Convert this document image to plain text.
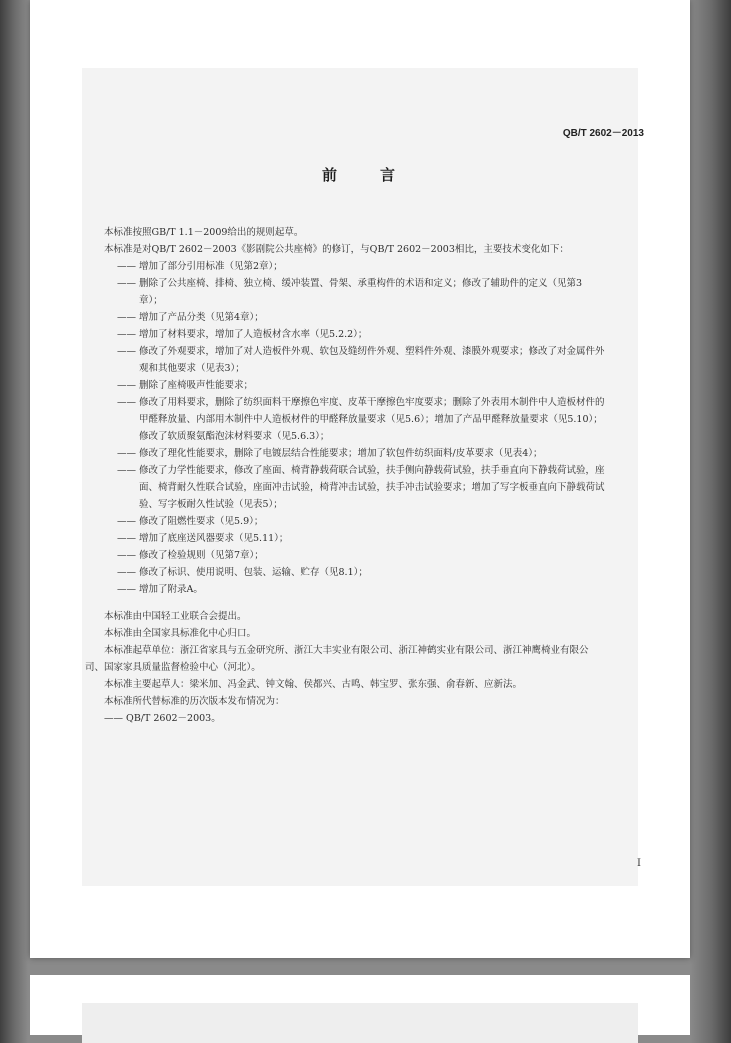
QB/T 2602－2013
前　言

本标准按照GB/T 1.1－2009给出的规则起草。

本标准是对QB/T 2602－2003《影剧院公共座椅》的修订，与QB/T 2602－2003相比，主要技术变化如下：

—— 增加了部分引用标准（见第2章）；

—— 删除了公共座椅、排椅、独立椅、缓冲装置、骨架、承重构件的术语和定义；修改了辅助件的定义（见第3章）；

—— 增加了产品分类（见第4章）；

—— 增加了材料要求，增加了人造板材含水率（见5.2.2）；

—— 修改了外观要求，增加了对人造板件外观、软包及缝纫件外观、塑料件外观、漆膜外观要求；修改了对金属件外观和其他要求（见表3）；

—— 删除了座椅吸声性能要求；

—— 修改了用料要求，删除了纺织面料干摩擦色牢度、皮革干摩擦色牢度要求；删除了外表用木制件中人造板材件的甲醛释放量、内部用木制件中人造板材件的甲醛释放量要求（见5.6）；增加了产品甲醛释放量要求（见5.10）；修改了软质聚氨酯泡沫材料要求（见5.6.3）；

—— 修改了理化性能要求，删除了电镀层结合性能要求；增加了软包件纺织面料/皮革要求（见表4）；

—— 修改了力学性能要求，修改了座面、椅背静载荷联合试验，扶手侧向静载荷试验，扶手垂直向下静载荷试验，座面、椅背耐久性联合试验，座面冲击试验，椅背冲击试验，扶手冲击试验要求；增加了写字板垂直向下静载荷试验、写字板耐久性试验（见表5）；

—— 修改了阻燃性要求（见5.9）；

—— 增加了底座送风器要求（见5.11）；

—— 修改了检验规则（见第7章）；

—— 修改了标识、使用说明、包装、运输、贮存（见8.1）；

—— 增加了附录A。

本标准由中国轻工业联合会提出。

本标准由全国家具标准化中心归口。

本标准起草单位：浙江省家具与五金研究所、浙江大丰实业有限公司、浙江神鹤实业有限公司、浙江神鹰椅业有限公司、国家家具质量监督检验中心（河北）。

本标准主要起草人：梁米加、冯金武、钟文翰、侯都兴、古鸣、韩宝罗、张东强、俞春新、应新法。

本标准所代替标准的历次版本发布情况为：

—— QB/T 2602－2003。

I
